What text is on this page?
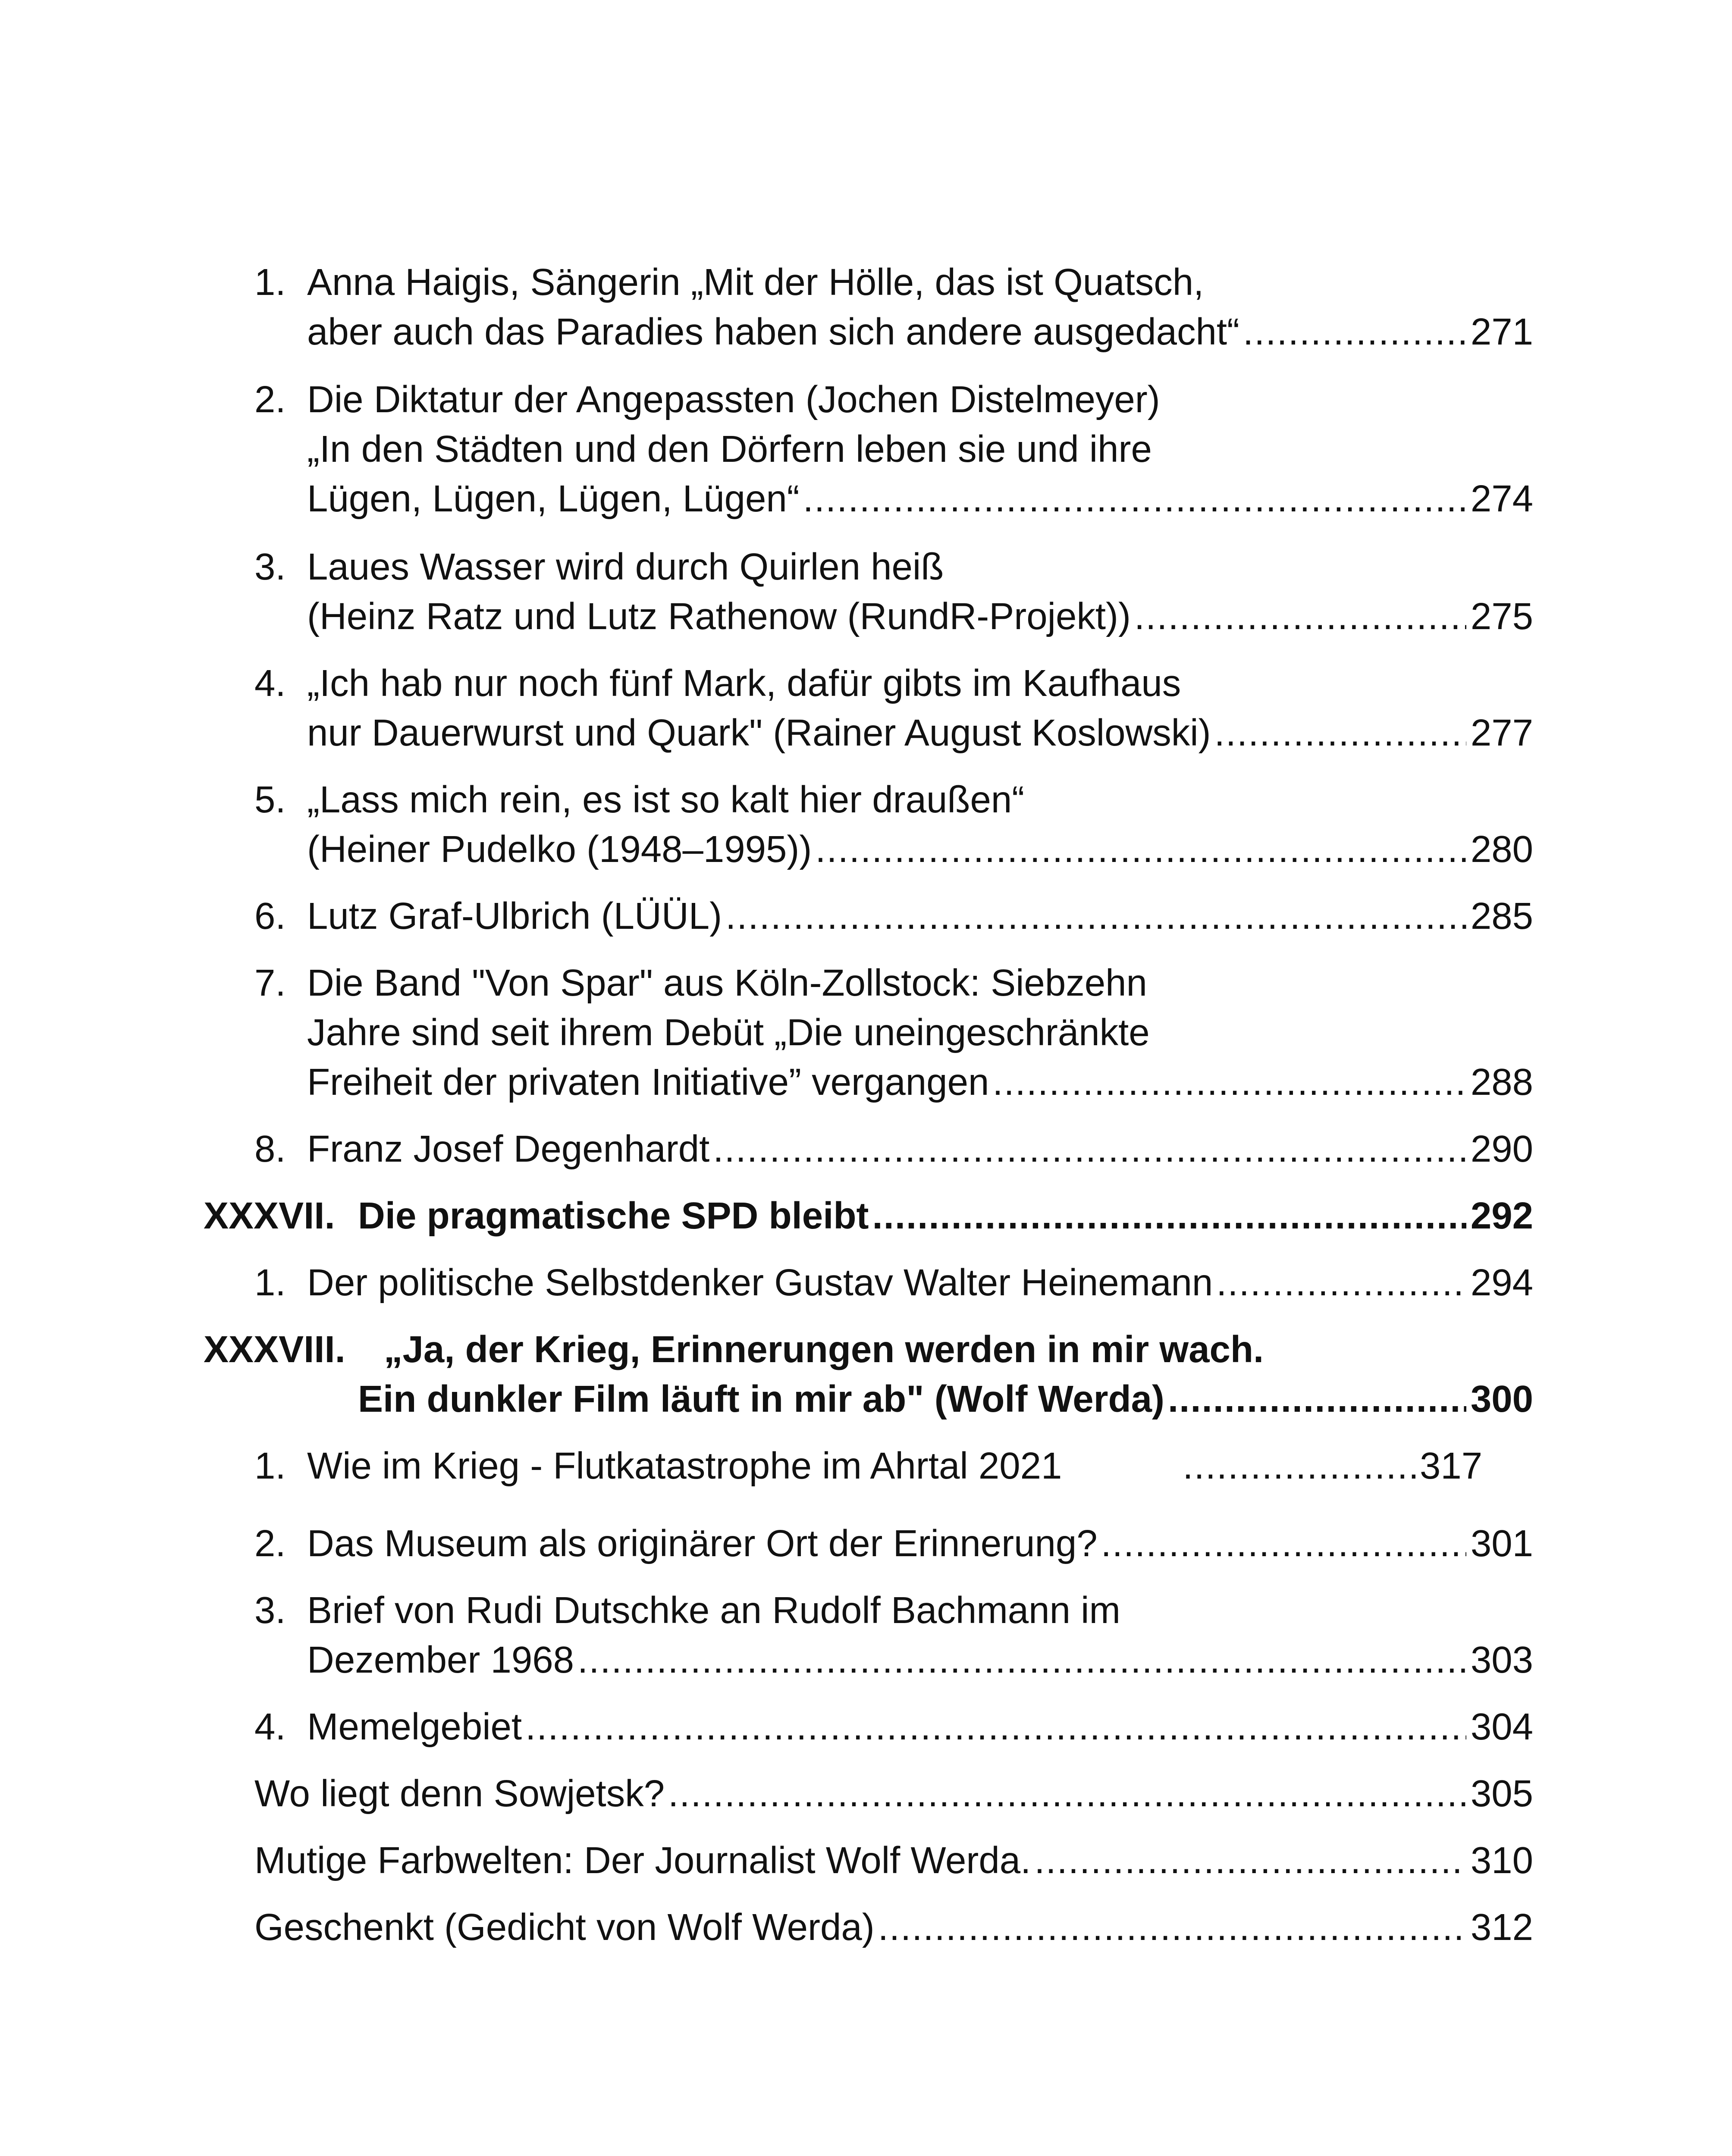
1. Anna Haigis, Sängerin „Mit der Hölle, das ist Quatsch,
aber auch das Paradies haben sich andere ausgedacht“ .....	271
2. Die Diktatur der Angepassten (Jochen Distelmeyer)
„In den Städten und den Dörfern leben sie und ihre
Lügen, Lügen, Lügen, Lügen“ .....	274
3. Laues Wasser wird durch Quirlen heiß
(Heinz Ratz und Lutz Rathenow (RundR-Projekt)) .....	275
4. „Ich hab nur noch fünf Mark, dafür gibts im Kaufhaus
nur Dauerwurst und Quark" (Rainer August Koslowski) .....	277
5. „Lass mich rein, es ist so kalt hier draußen“
(Heiner Pudelko (1948–1995)) .....	280
6. Lutz Graf-Ulbrich (LÜÜL) .....	285
7. Die Band "Von Spar" aus Köln-Zollstock: Siebzehn
Jahre sind seit ihrem Debüt „Die uneingeschränkte
Freiheit der privaten Initiative” vergangen .....	288
8. Franz Josef Degenhardt .....	290
XXXVII. Die pragmatische SPD bleibt .....	292
1. Der politische Selbstdenker Gustav Walter Heinemann .....	294
XXXVIII. „Ja, der Krieg, Erinnerungen werden in mir wach.
Ein dunkler Film läuft in mir ab" (Wolf Werda) .....	300
1. Wie im Krieg - Flutkatastrophe im Ahrtal 2021	..................... 317
2. Das Museum als originärer Ort der Erinnerung? .....	301
3. Brief von Rudi Dutschke an Rudolf Bachmann im
Dezember 1968 .....	303
4. Memelgebiet .....	304
Wo liegt denn Sowjetsk? .....	305
Mutige Farbwelten: Der Journalist Wolf Werda. .....	310
Geschenkt (Gedicht von Wolf Werda) .....	312
